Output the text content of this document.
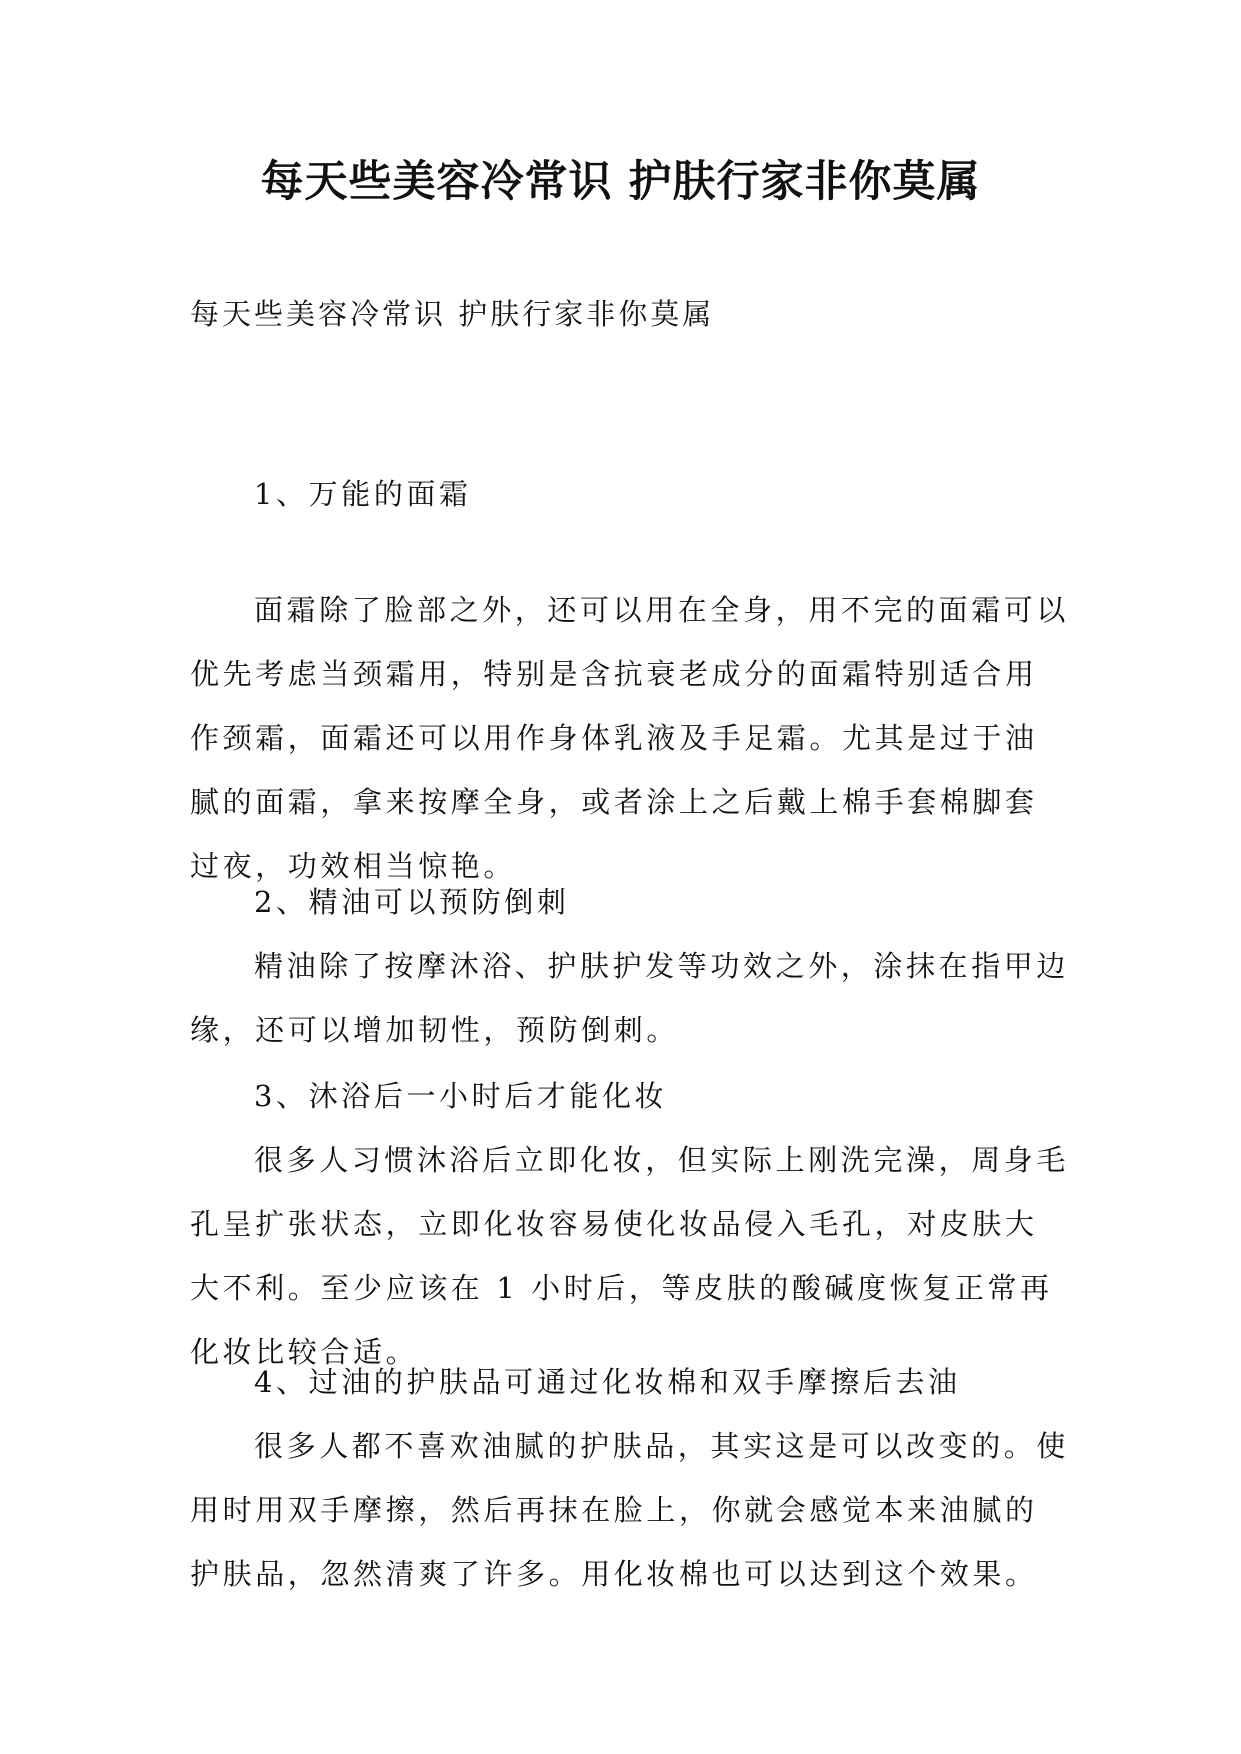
每天些美容冷常识 护肤行家非你莫属

每天些美容冷常识 护肤行家非你莫属

1、万能的面霜

面霜除了脸部之外，还可以用在全身，用不完的面霜可以优先考虑当颈霜用，特别是含抗衰老成分的面霜特别适合用作颈霜，面霜还可以用作身体乳液及手足霜。尤其是过于油腻的面霜，拿来按摩全身，或者涂上之后戴上棉手套棉脚套过夜，功效相当惊艳。

2、精油可以预防倒刺

精油除了按摩沐浴、护肤护发等功效之外，涂抹在指甲边缘，还可以增加韧性，预防倒刺。

3、沐浴后一小时后才能化妆

很多人习惯沐浴后立即化妆，但实际上刚洗完澡，周身毛孔呈扩张状态，立即化妆容易使化妆品侵入毛孔，对皮肤大大不利。至少应该在 1 小时后，等皮肤的酸碱度恢复正常再化妆比较合适。

4、过油的护肤品可通过化妆棉和双手摩擦后去油

很多人都不喜欢油腻的护肤品，其实这是可以改变的。使用时用双手摩擦，然后再抹在脸上，你就会感觉本来油腻的护肤品，忽然清爽了许多。用化妆棉也可以达到这个效果。
